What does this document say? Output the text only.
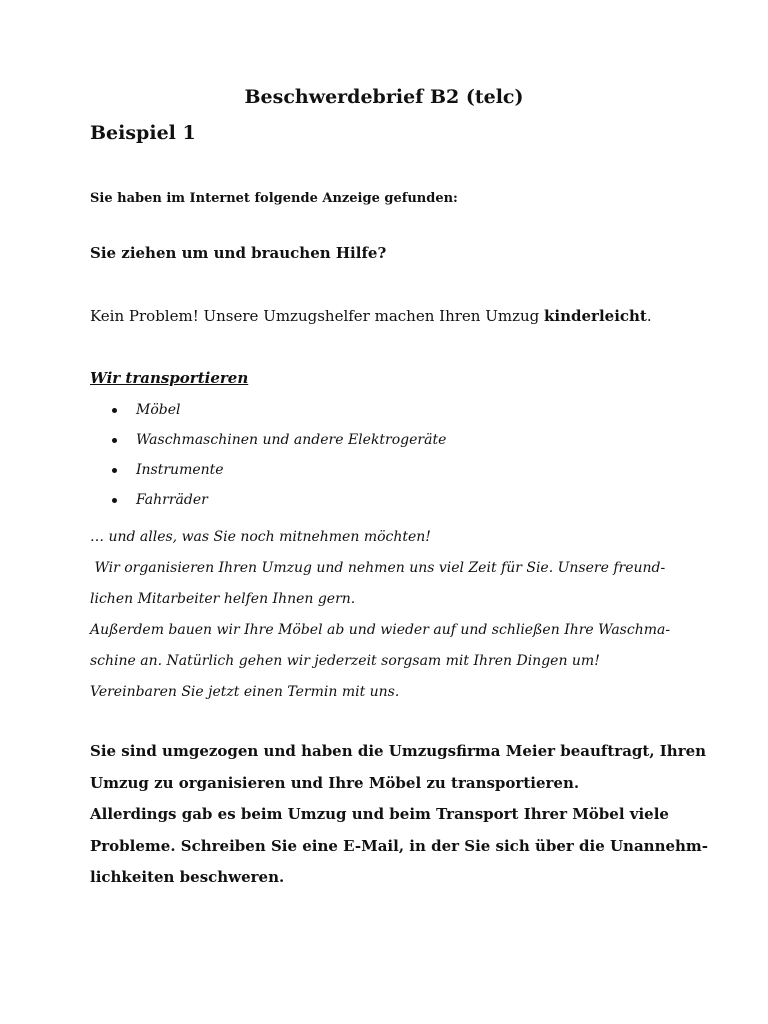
Beschwerdebrief B2 (telc)
Beispiel 1
Sie haben im Internet folgende Anzeige gefunden:
Sie ziehen um und brauchen Hilfe?
Kein Problem! Unsere Umzugshelfer machen Ihren Umzug kinderleicht.
Wir transportieren
Möbel
Waschmaschinen und andere Elektrogeräte
Instrumente
Fahrräder
… und alles, was Sie noch mitnehmen möchten!
Wir organisieren Ihren Umzug und nehmen uns viel Zeit für Sie. Unsere freund-
lichen Mitarbeiter helfen Ihnen gern.
Außerdem bauen wir Ihre Möbel ab und wieder auf und schließen Ihre Waschma-
schine an. Natürlich gehen wir jederzeit sorgsam mit Ihren Dingen um!
Vereinbaren Sie jetzt einen Termin mit uns.
Sie sind umgezogen und haben die Umzugsfirma Meier beauftragt, Ihren
Umzug zu organisieren und Ihre Möbel zu transportieren.
Allerdings gab es beim Umzug und beim Transport Ihrer Möbel viele
Probleme. Schreiben Sie eine E-Mail, in der Sie sich über die Unannehm-
lichkeiten beschweren.
